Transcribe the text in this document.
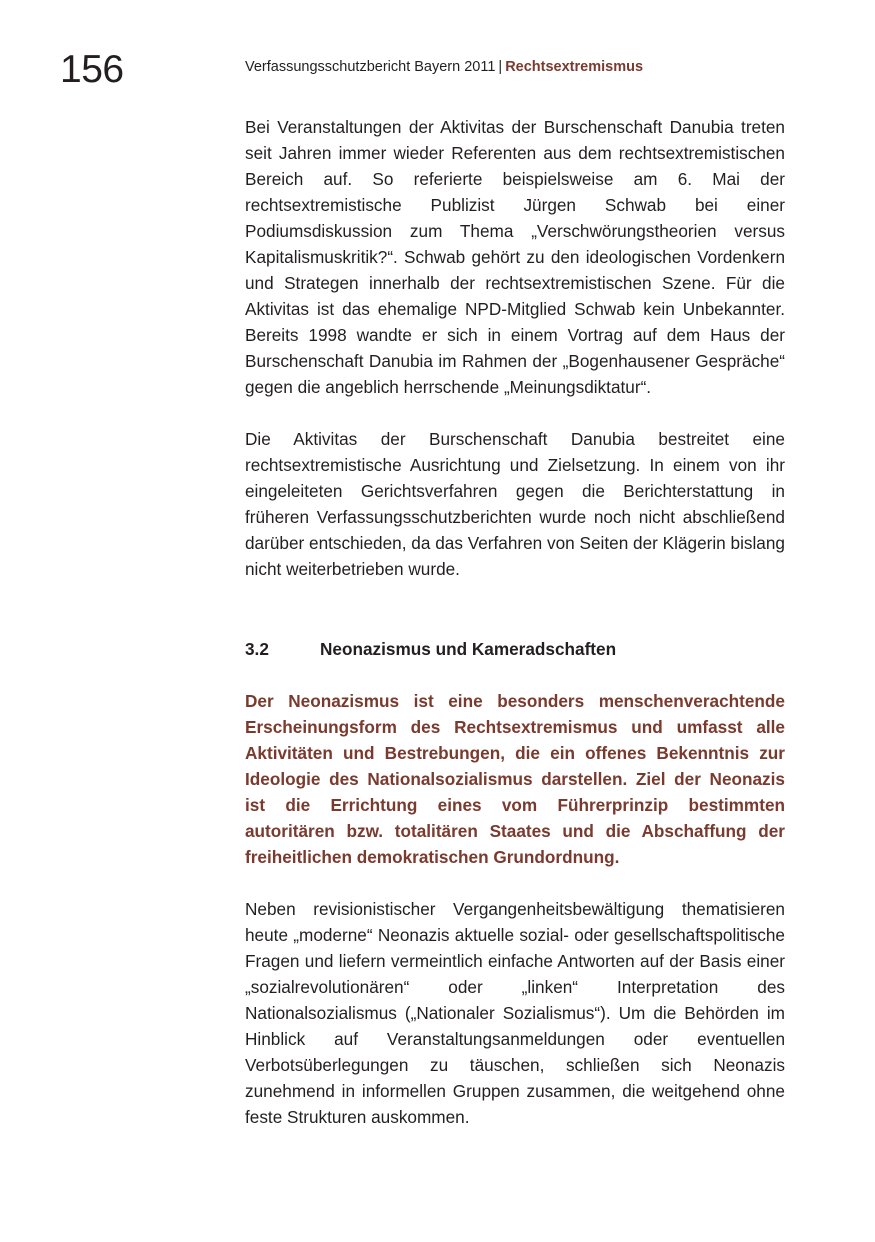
156	Verfassungsschutzbericht Bayern 2011 | Rechtsextremismus

Bei Veranstaltungen der Aktivitas der Burschenschaft Danubia treten seit Jahren immer wieder Referenten aus dem rechtsextremistischen Bereich auf. So referierte beispielsweise am 6. Mai der rechtsextremistische Publizist Jürgen Schwab bei einer Podiumsdiskussion zum Thema „Verschwörungstheorien versus Kapitalismuskritik?“. Schwab gehört zu den ideologischen Vordenkern und Strategen innerhalb der rechtsextremistischen Szene. Für die Aktivitas ist das ehemalige NPD-Mitglied Schwab kein Unbekannter. Bereits 1998 wandte er sich in einem Vortrag auf dem Haus der Burschenschaft Danubia im Rahmen der „Bogenhausener Gespräche“ gegen die angeblich herrschende „Meinungsdiktatur“.

Die Aktivitas der Burschenschaft Danubia bestreitet eine rechtsextremistische Ausrichtung und Zielsetzung. In einem von ihr eingeleiteten Gerichtsverfahren gegen die Berichterstattung in früheren Verfassungsschutzberichten wurde noch nicht abschließend darüber entschieden, da das Verfahren von Seiten der Klägerin bislang nicht weiterbetrieben wurde.

3.2	Neonazismus und Kameradschaften

Der Neonazismus ist eine besonders menschenverachtende Erscheinungsform des Rechtsextremismus und umfasst alle Aktivitäten und Bestrebungen, die ein offenes Bekenntnis zur Ideologie des Nationalsozialismus darstellen. Ziel der Neonazis ist die Errichtung eines vom Führerprinzip bestimmten autoritären bzw. totalitären Staates und die Abschaffung der freiheitlichen demokratischen Grundordnung.

Neben revisionistischer Vergangenheitsbewältigung thematisieren heute „moderne“ Neonazis aktuelle sozial- oder gesellschaftspolitische Fragen und liefern vermeintlich einfache Antworten auf der Basis einer „sozialrevolutionären“ oder „linken“ Interpretation des Nationalsozialismus („Nationaler Sozialismus“). Um die Behörden im Hinblick auf Veranstaltungsanmeldungen oder eventuellen Verbotsüberlegungen zu täuschen, schließen sich Neonazis zunehmend in informellen Gruppen zusammen, die weitgehend ohne feste Strukturen auskommen.
